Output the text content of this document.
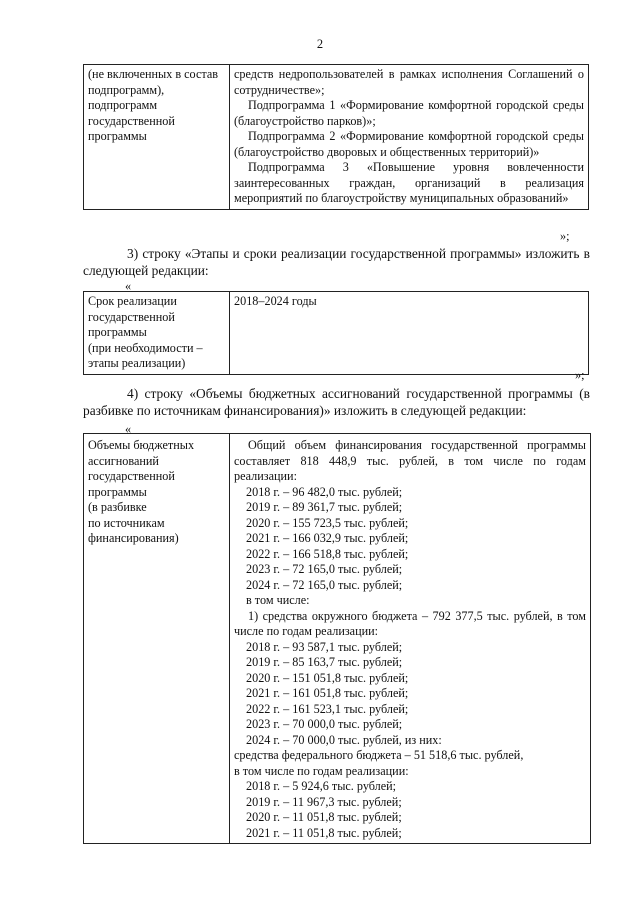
2
(не включенных в состав
подпрограмм),
подпрограмм
государственной
программы

средств недропользователей в рамках исполнения Соглашений о сотрудничестве»;
Подпрограмма 1 «Формирование комфортной городской среды (благоустройство парков)»;
Подпрограмма 2 «Формирование комфортной городской среды (благоустройство дворовых и общественных территорий)»
Подпрограмма 3 «Повышение уровня вовлеченности заинтересованных граждан, организаций в реализация мероприятий по благоустройству муниципальных образований»
»;
3) строку «Этапы и сроки реализации государственной программы» изложить в следующей редакции:
«
Срок реализации
государственной
программы
(при необходимости –
этапы реализации)

2018–2024 годы
»;
4) строку «Объемы бюджетных ассигнований государственной программы (в разбивке по источникам финансирования)» изложить в следующей редакции:
«
Объемы бюджетных
ассигнований
государственной
программы
(в разбивке
по источникам
финансирования)

Общий объем финансирования государственной программы составляет 818 448,9 тыс. рублей, в том числе по годам реализации:
2018 г. – 96 482,0 тыс. рублей;
2019 г. – 89 361,7 тыс. рублей;
2020 г. – 155 723,5 тыс. рублей;
2021 г. – 166 032,9 тыс. рублей;
2022 г. – 166 518,8 тыс. рублей;
2023 г. – 72 165,0 тыс. рублей;
2024 г. – 72 165,0 тыс. рублей;
в том числе:
1) средства окружного бюджета – 792 377,5 тыс. рублей, в том числе по годам реализации:
2018 г. – 93 587,1 тыс. рублей;
2019 г. – 85 163,7 тыс. рублей;
2020 г. – 151 051,8 тыс. рублей;
2021 г. – 161 051,8 тыс. рублей;
2022 г. – 161 523,1 тыс. рублей;
2023 г. – 70 000,0 тыс. рублей;
2024 г. – 70 000,0 тыс. рублей, из них:
средства федерального бюджета – 51 518,6 тыс. рублей,
в том числе по годам реализации:
2018 г. – 5 924,6 тыс. рублей;
2019 г. – 11 967,3 тыс. рублей;
2020 г. – 11 051,8 тыс. рублей;
2021 г. – 11 051,8 тыс. рублей;
